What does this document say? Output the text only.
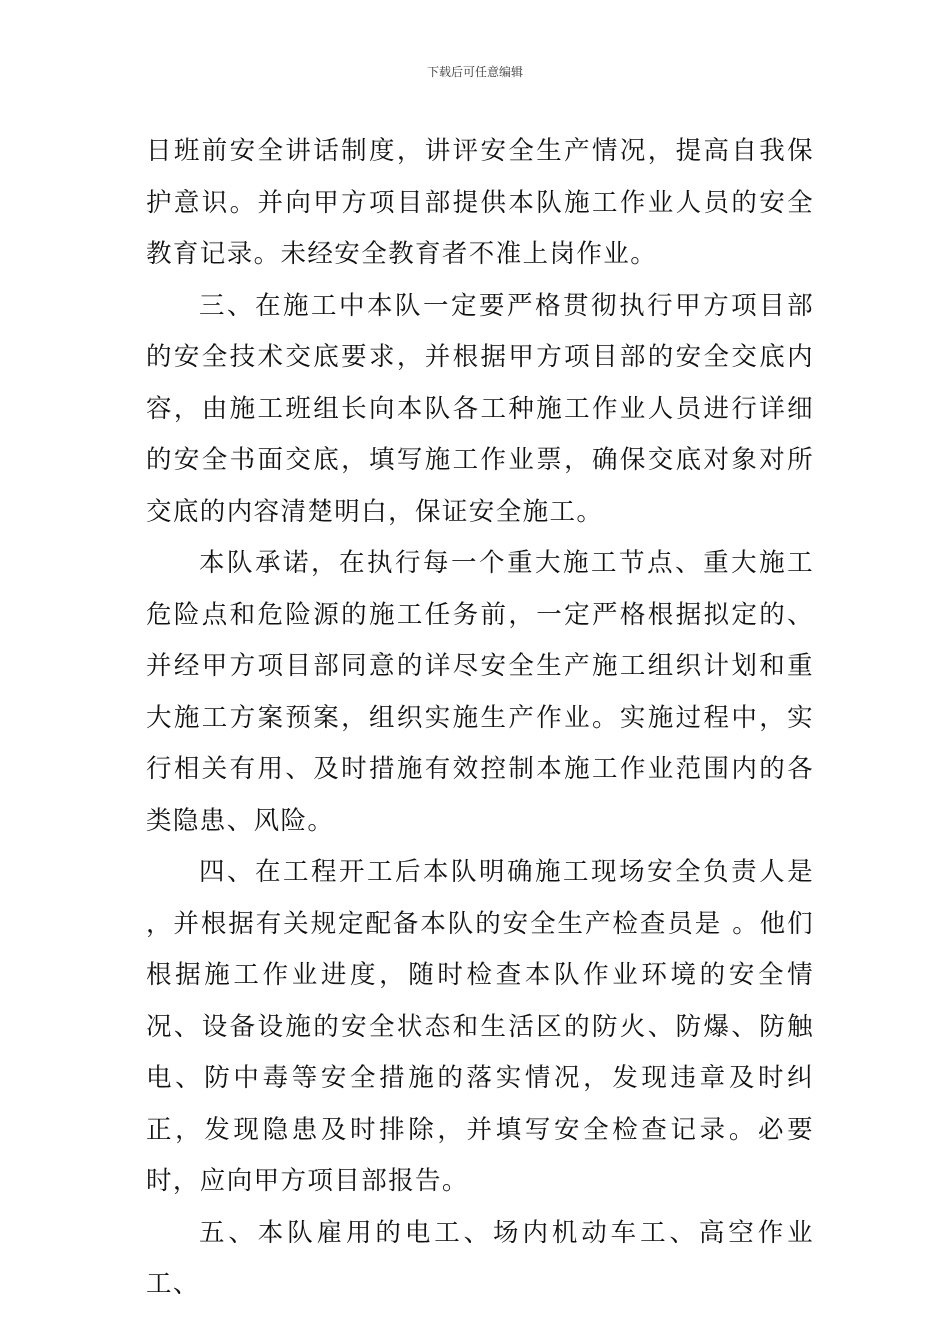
下载后可任意编辑

日班前安全讲话制度，讲评安全生产情况，提高自我保护意识。并向甲方项目部提供本队施工作业人员的安全教育记录。未经安全教育者不准上岗作业。

三、在施工中本队一定要严格贯彻执行甲方项目部的安全技术交底要求，并根据甲方项目部的安全交底内容，由施工班组长向本队各工种施工作业人员进行详细的安全书面交底，填写施工作业票，确保交底对象对所交底的内容清楚明白，保证安全施工。

本队承诺，在执行每一个重大施工节点、重大施工危险点和危险源的施工任务前，一定严格根据拟定的、并经甲方项目部同意的详尽安全生产施工组织计划和重大施工方案预案，组织实施生产作业。实施过程中，实行相关有用、及时措施有效控制本施工作业范围内的各类隐患、风险。

四、在工程开工后本队明确施工现场安全负责人是 ，并根据有关规定配备本队的安全生产检查员是 。他们根据施工作业进度，随时检查本队作业环境的安全情况、设备设施的安全状态和生活区的防火、防爆、防触电、防中毒等安全措施的落实情况，发现违章及时纠正，发现隐患及时排除，并填写安全检查记录。必要时，应向甲方项目部报告。

五、本队雇用的电工、场内机动车工、高空作业工、
